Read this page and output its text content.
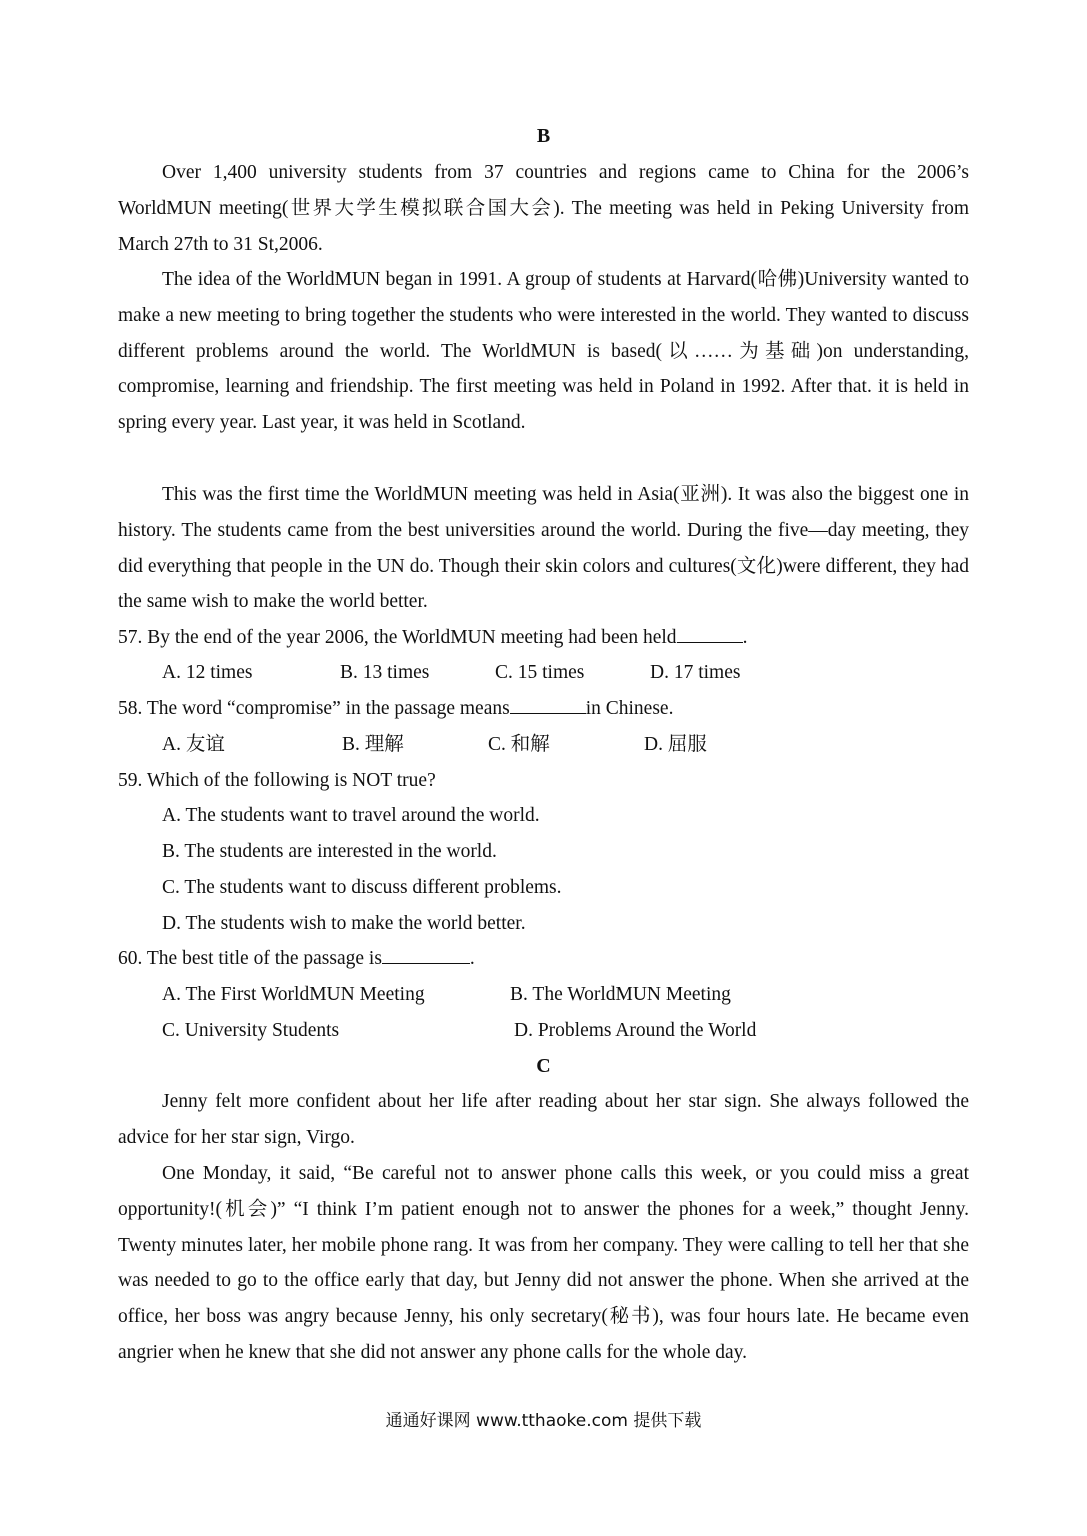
B

Over 1,400 university students from 37 countries and regions came to China for the 2006’s WorldMUN meeting(世界大学生模拟联合国大会). The meeting was held in Peking University from March 27th to 31 St,2006.

The idea of the WorldMUN began in 1991. A group of students at Harvard(哈佛)University wanted to make a new meeting to bring together the students who were interested in the world. They wanted to discuss different problems around the world. The WorldMUN is based(以……为基础)on understanding, compromise, learning and friendship. The first meeting was held in Poland in 1992. After that. it is held in spring every year. Last year, it was held in Scotland.

This was the first time the WorldMUN meeting was held in Asia(亚洲). It was also the biggest one in history. The students came from the best universities around the world. During the five—day meeting, they did everything that people in the UN do. Though their skin colors and cultures(文化)were different, they had the same wish to make the world better.

57. By the end of the year 2006, the WorldMUN meeting had been held	.
A. 12 times	B. 13 times	C. 15 times	D. 17 times
58. The word “compromise” in the passage means	in Chinese.
A. 友谊	B. 理解	C. 和解	D. 屈服
59. Which of the following is NOT true?
A. The students want to travel around the world.
B. The students are interested in the world.
C. The students want to discuss different problems.
D. The students wish to make the world better.
60. The best title of the passage is	.
A. The First WorldMUN Meeting	B. The WorldMUN Meeting
C. University Students	D. Problems Around the World
C

Jenny felt more confident about her life after reading about her star sign. She always followed the advice for her star sign, Virgo.

One Monday, it said, “Be careful not to answer phone calls this week, or you could miss a great opportunity!(机会)” “I think I’m patient enough not to answer the phones for a week,” thought Jenny. Twenty minutes later, her mobile phone rang. It was from her company. They were calling to tell her that she was needed to go to the office early that day, but Jenny did not answer the phone. When she arrived at the office, her boss was angry because Jenny, his only secretary(秘书), was four hours late. He became even angrier when he knew that she did not answer any phone calls for the whole day.

通通好课网 www.tthaoke.com 提供下载
